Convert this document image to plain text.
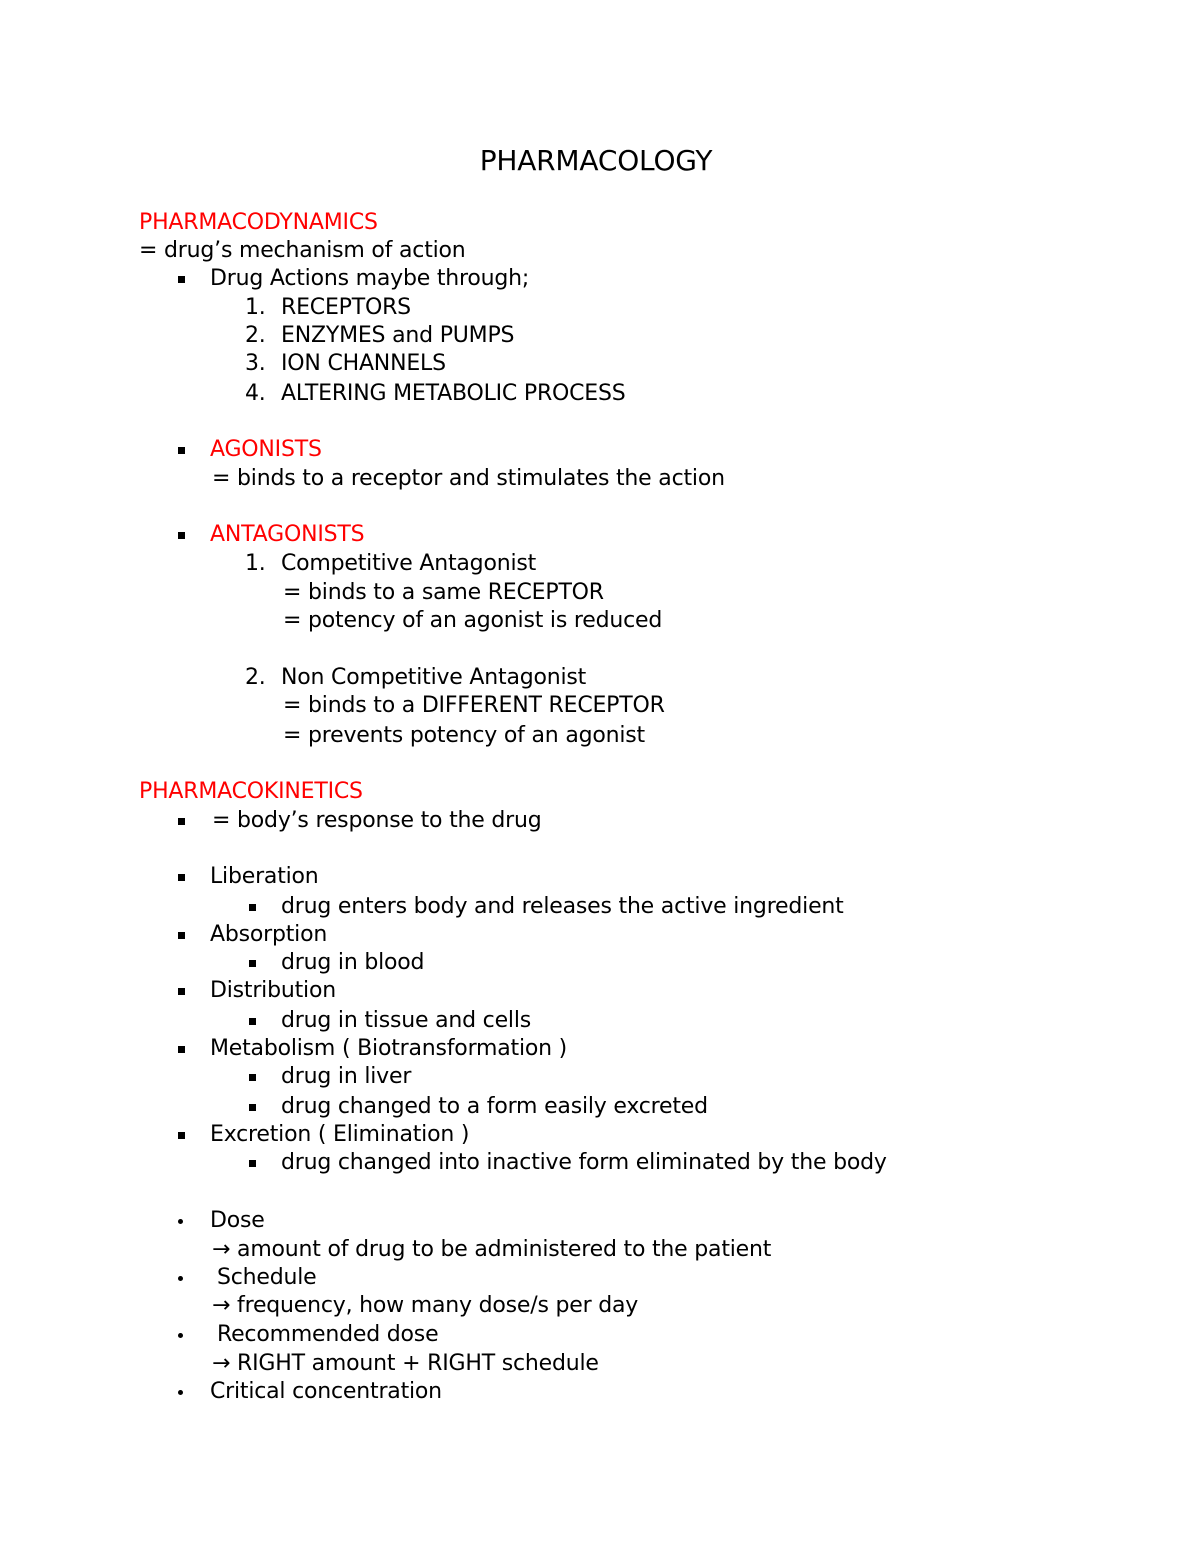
PHARMACOLOGY
PHARMACODYNAMICS
= drug’s mechanism of action
Drug Actions maybe through;
1. RECEPTORS
2. ENZYMES and PUMPS
3. ION CHANNELS
4. ALTERING METABOLIC PROCESS
AGONISTS
= binds to a receptor and stimulates the action
ANTAGONISTS
1. Competitive Antagonist
= binds to a same RECEPTOR
= potency of an agonist is reduced
2. Non Competitive Antagonist
= binds to a DIFFERENT RECEPTOR
= prevents potency of an agonist
PHARMACOKINETICS
= body’s response to the drug
Liberation
drug enters body and releases the active ingredient
Absorption
drug in blood
Distribution
drug in tissue and cells
Metabolism ( Biotransformation )
drug in liver
drug changed to a form easily excreted
Excretion ( Elimination )
drug changed into inactive form eliminated by the body
Dose
→ amount of drug to be administered to the patient
Schedule
→ frequency, how many dose/s per day
Recommended dose
→ RIGHT amount + RIGHT schedule
Critical concentration
